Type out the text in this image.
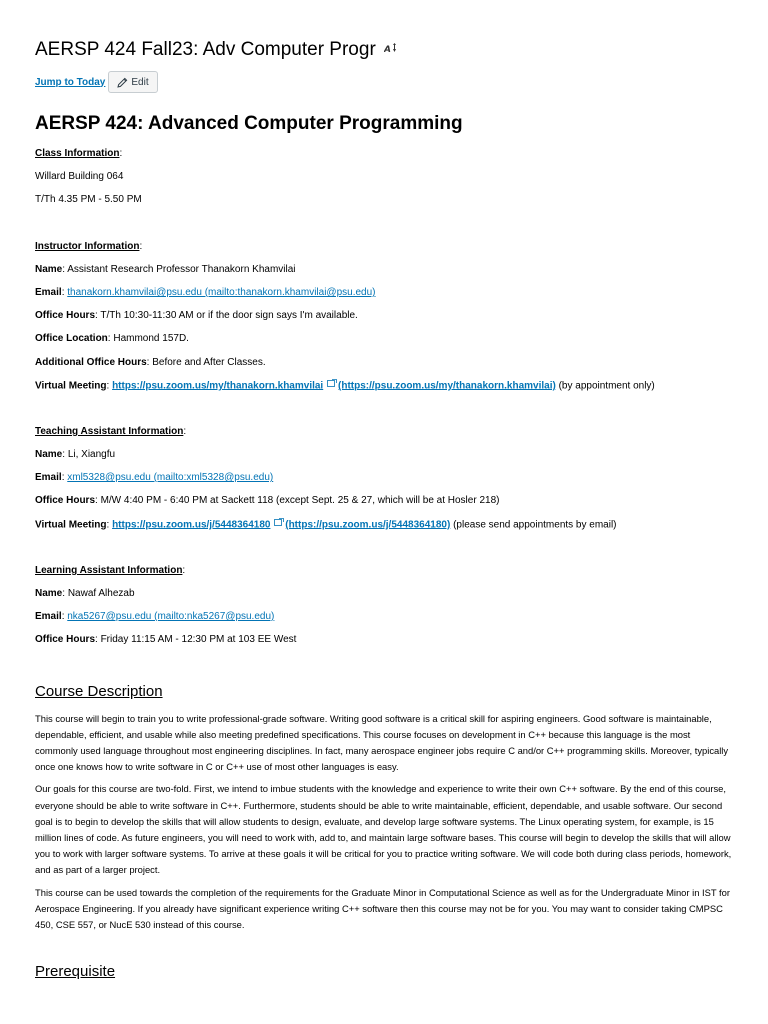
AERSP 424 Fall23: Adv Computer Progr A
Jump to Today	Edit
AERSP 424: Advanced Computer Programming

Class Information:

Willard Building 064

T/Th 4.35 PM - 5.50 PM

Instructor Information:

Name: Assistant Research Professor Thanakorn Khamvilai

Email: thanakorn.khamvilai@psu.edu (mailto:thanakorn.khamvilai@psu.edu)

Office Hours: T/Th 10:30-11:30 AM or if the door sign says I'm available.

Office Location: Hammond 157D.

Additional Office Hours: Before and After Classes.

Virtual Meeting: https://psu.zoom.us/my/thanakorn.khamvilai (https://psu.zoom.us/my/thanakorn.khamvilai) (by appointment only)

Teaching Assistant Information:

Name: Li, Xiangfu

Email: xml5328@psu.edu (mailto:xml5328@psu.edu)

Office Hours: M/W 4:40 PM - 6:40 PM at Sackett 118 (except Sept. 25 & 27, which will be at Hosler 218)

Virtual Meeting: https://psu.zoom.us/j/5448364180 (https://psu.zoom.us/j/5448364180) (please send appointments by email)

Learning Assistant Information:

Name: Nawaf Alhezab

Email: nka5267@psu.edu (mailto:nka5267@psu.edu)

Office Hours: Friday 11:15 AM - 12:30 PM at 103 EE West

Course Description

This course will begin to train you to write professional-grade software. Writing good software is a critical skill for aspiring engineers. Good software is maintainable, dependable, efficient, and usable while also meeting predefined specifications. This course focuses on development in C++ because this language is the most commonly used language throughout most engineering disciplines. In fact, many aerospace engineer jobs require C and/or C++ programming skills. Moreover, typically once one knows how to write software in C or C++ use of most other languages is easy.

Our goals for this course are two-fold. First, we intend to imbue students with the knowledge and experience to write their own C++ software. By the end of this course, everyone should be able to write software in C++. Furthermore, students should be able to write maintainable, efficient, dependable, and usable software. Our second goal is to begin to develop the skills that will allow students to design, evaluate, and develop large software systems. The Linux operating system, for example, is 15 million lines of code. As future engineers, you will need to work with, add to, and maintain large software bases. This course will begin to develop the skills that will allow you to work with larger software systems. To arrive at these goals it will be critical for you to practice writing software. We will code both during class periods, homework, and as part of a larger project.

This course can be used towards the completion of the requirements for the Graduate Minor in Computational Science as well as for the Undergraduate Minor in IST for Aerospace Engineering. If you already have significant experience writing C++ software then this course may not be for you. You may want to consider taking CMPSC 450, CSE 557, or NucE 530 instead of this course.

Prerequisite
